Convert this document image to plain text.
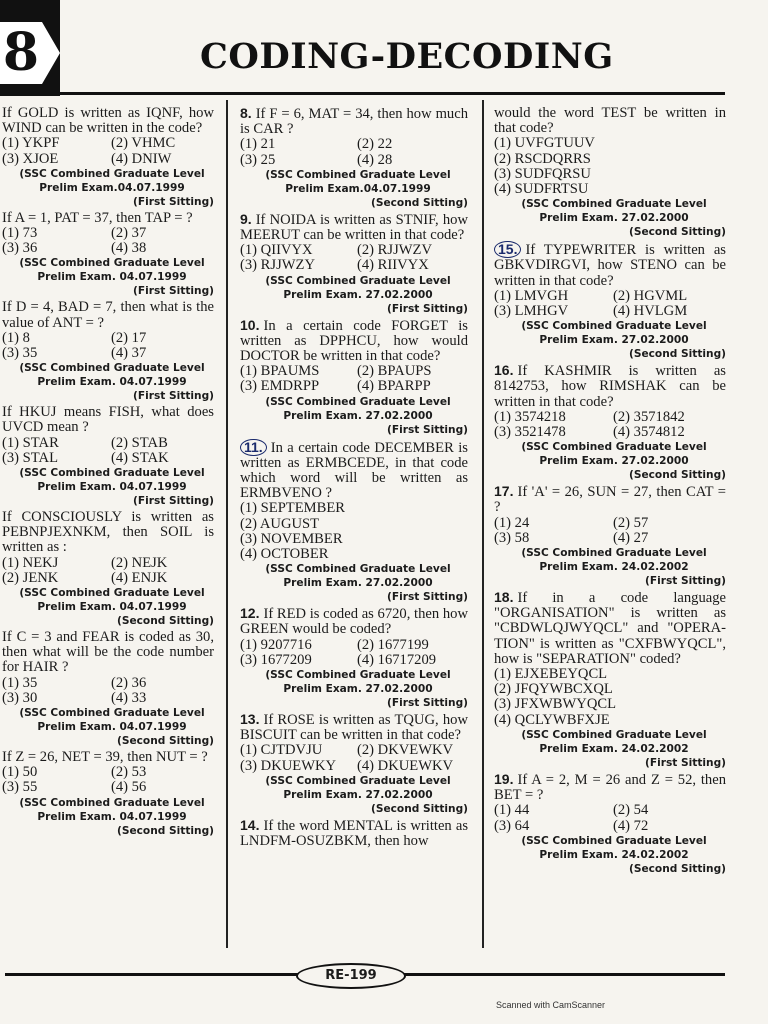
8	CODING-DECODING
If GOLD is written as IQNF, how WIND can be written in the code?
(1) YKPF	(2) VHMC
(3) XJOE	(4) DNIW
(SSC Combined Graduate Level Prelim Exam.04.07.1999
(First Sitting)
If A = 1, PAT = 37, then TAP = ?
(1) 73	(2) 37
(3) 36	(4) 38
(SSC Combined Graduate Level Prelim Exam. 04.07.1999
(First Sitting)
If D = 4, BAD = 7, then what is the value of ANT = ?
(1) 8	(2) 17
(3) 35	(4) 37
(SSC Combined Graduate Level Prelim Exam. 04.07.1999
(First Sitting)
If HKUJ means FISH, what does UVCD mean ?
(1) STAR	(2) STAB
(3) STAL	(4) STAK
(SSC Combined Graduate Level Prelim Exam. 04.07.1999
(First Sitting)
If CONSCIOUSLY is written as PEBNPJEXNKM, then SOIL is written as :
(1) NEKJ	(2) NEJK
(2) JENK	(4) ENJK
(SSC Combined Graduate Level Prelim Exam. 04.07.1999
(Second Sitting)
If C = 3 and FEAR is coded as 30, then what will be the code number for HAIR ?
(1) 35	(2) 36
(3) 30	(4) 33
(SSC Combined Graduate Level Prelim Exam. 04.07.1999
(Second Sitting)
If Z = 26, NET = 39, then NUT = ?
(1) 50	(2) 53
(3) 55	(4) 56
(SSC Combined Graduate Level Prelim Exam. 04.07.1999
(Second Sitting)
8. If F = 6, MAT = 34, then how much is CAR ?
(1) 21	(2) 22
(3) 25	(4) 28
(SSC Combined Graduate Level Prelim Exam.04.07.1999
(Second Sitting)
9. If NOIDA is written as STNIF, how MEERUT can be written in that code?
(1) QIIVYX	(2) RJJWZV
(3) RJJWZY	(4) RIIVYX
(SSC Combined Graduate Level Prelim Exam. 27.02.2000
(First Sitting)
10. In a certain code FORGET is written as DPPHCU, how would DOCTOR be written in that code?
(1) BPAUMS	(2) BPAUPS
(3) EMDRPP	(4) BPARPP
(SSC Combined Graduate Level Prelim Exam. 27.02.2000
(First Sitting)
11. In a certain code DECEMBER is written as ERMBCEDE, in that code which word will be written as ERMBVENO ?
(1) SEPTEMBER
(2) AUGUST
(3) NOVEMBER
(4) OCTOBER
(SSC Combined Graduate Level Prelim Exam. 27.02.2000
(First Sitting)
12. If RED is coded as 6720, then how GREEN would be coded?
(1) 9207716	(2) 1677199
(3) 1677209	(4) 16717209
(SSC Combined Graduate Level Prelim Exam. 27.02.2000
(First Sitting)
13. If ROSE is written as TQUG, how BISCUIT can be written in that code?
(1) CJTDVJU	(2) DKVEWKV
(3) DKUEWKY	(4) DKUEWKV
(SSC Combined Graduate Level Prelim Exam. 27.02.2000
(Second Sitting)
14. If the word MENTAL is written as LNDFM-OSUZBKM, then how
would the word TEST be written in that code?
(1) UVFGTUUV
(2) RSCDQRRS
(3) SUDFQRSU
(4) SUDFRTSU
(SSC Combined Graduate Level Prelim Exam. 27.02.2000
(Second Sitting)
15. If TYPEWRITER is written as GBKVDIRGVI, how STENO can be written in that code?
(1) LMVGH	(2) HGVML
(3) LMHGV	(4) HVLGM
(SSC Combined Graduate Level Prelim Exam. 27.02.2000
(Second Sitting)
16. If KASHMIR is written as 8142753, how RIMSHAK can be written in that code?
(1) 3574218	(2) 3571842
(3) 3521478	(4) 3574812
(SSC Combined Graduate Level Prelim Exam. 27.02.2000
(Second Sitting)
17. If 'A' = 26, SUN = 27, then CAT = ?
(1) 24	(2) 57
(3) 58	(4) 27
(SSC Combined Graduate Level Prelim Exam. 24.02.2002
(First Sitting)
18. If in a code language "ORGANISATION" is written as "CBDWLQJWYQCL" and "OPERA-TION" is written as "CXFBWYQCL", how is "SEPARATION" coded?
(1) EJXEBEYQCL
(2) JFQYWBCXQL
(3) JFXWBWYQCL
(4) QCLYWBFXJE
(SSC Combined Graduate Level Prelim Exam. 24.02.2002
(First Sitting)
19. If A = 2, M = 26 and Z = 52, then BET = ?
(1) 44	(2) 54
(3) 64	(4) 72
(SSC Combined Graduate Level Prelim Exam. 24.02.2002
(Second Sitting)
RE-199
Scanned with CamScanner
